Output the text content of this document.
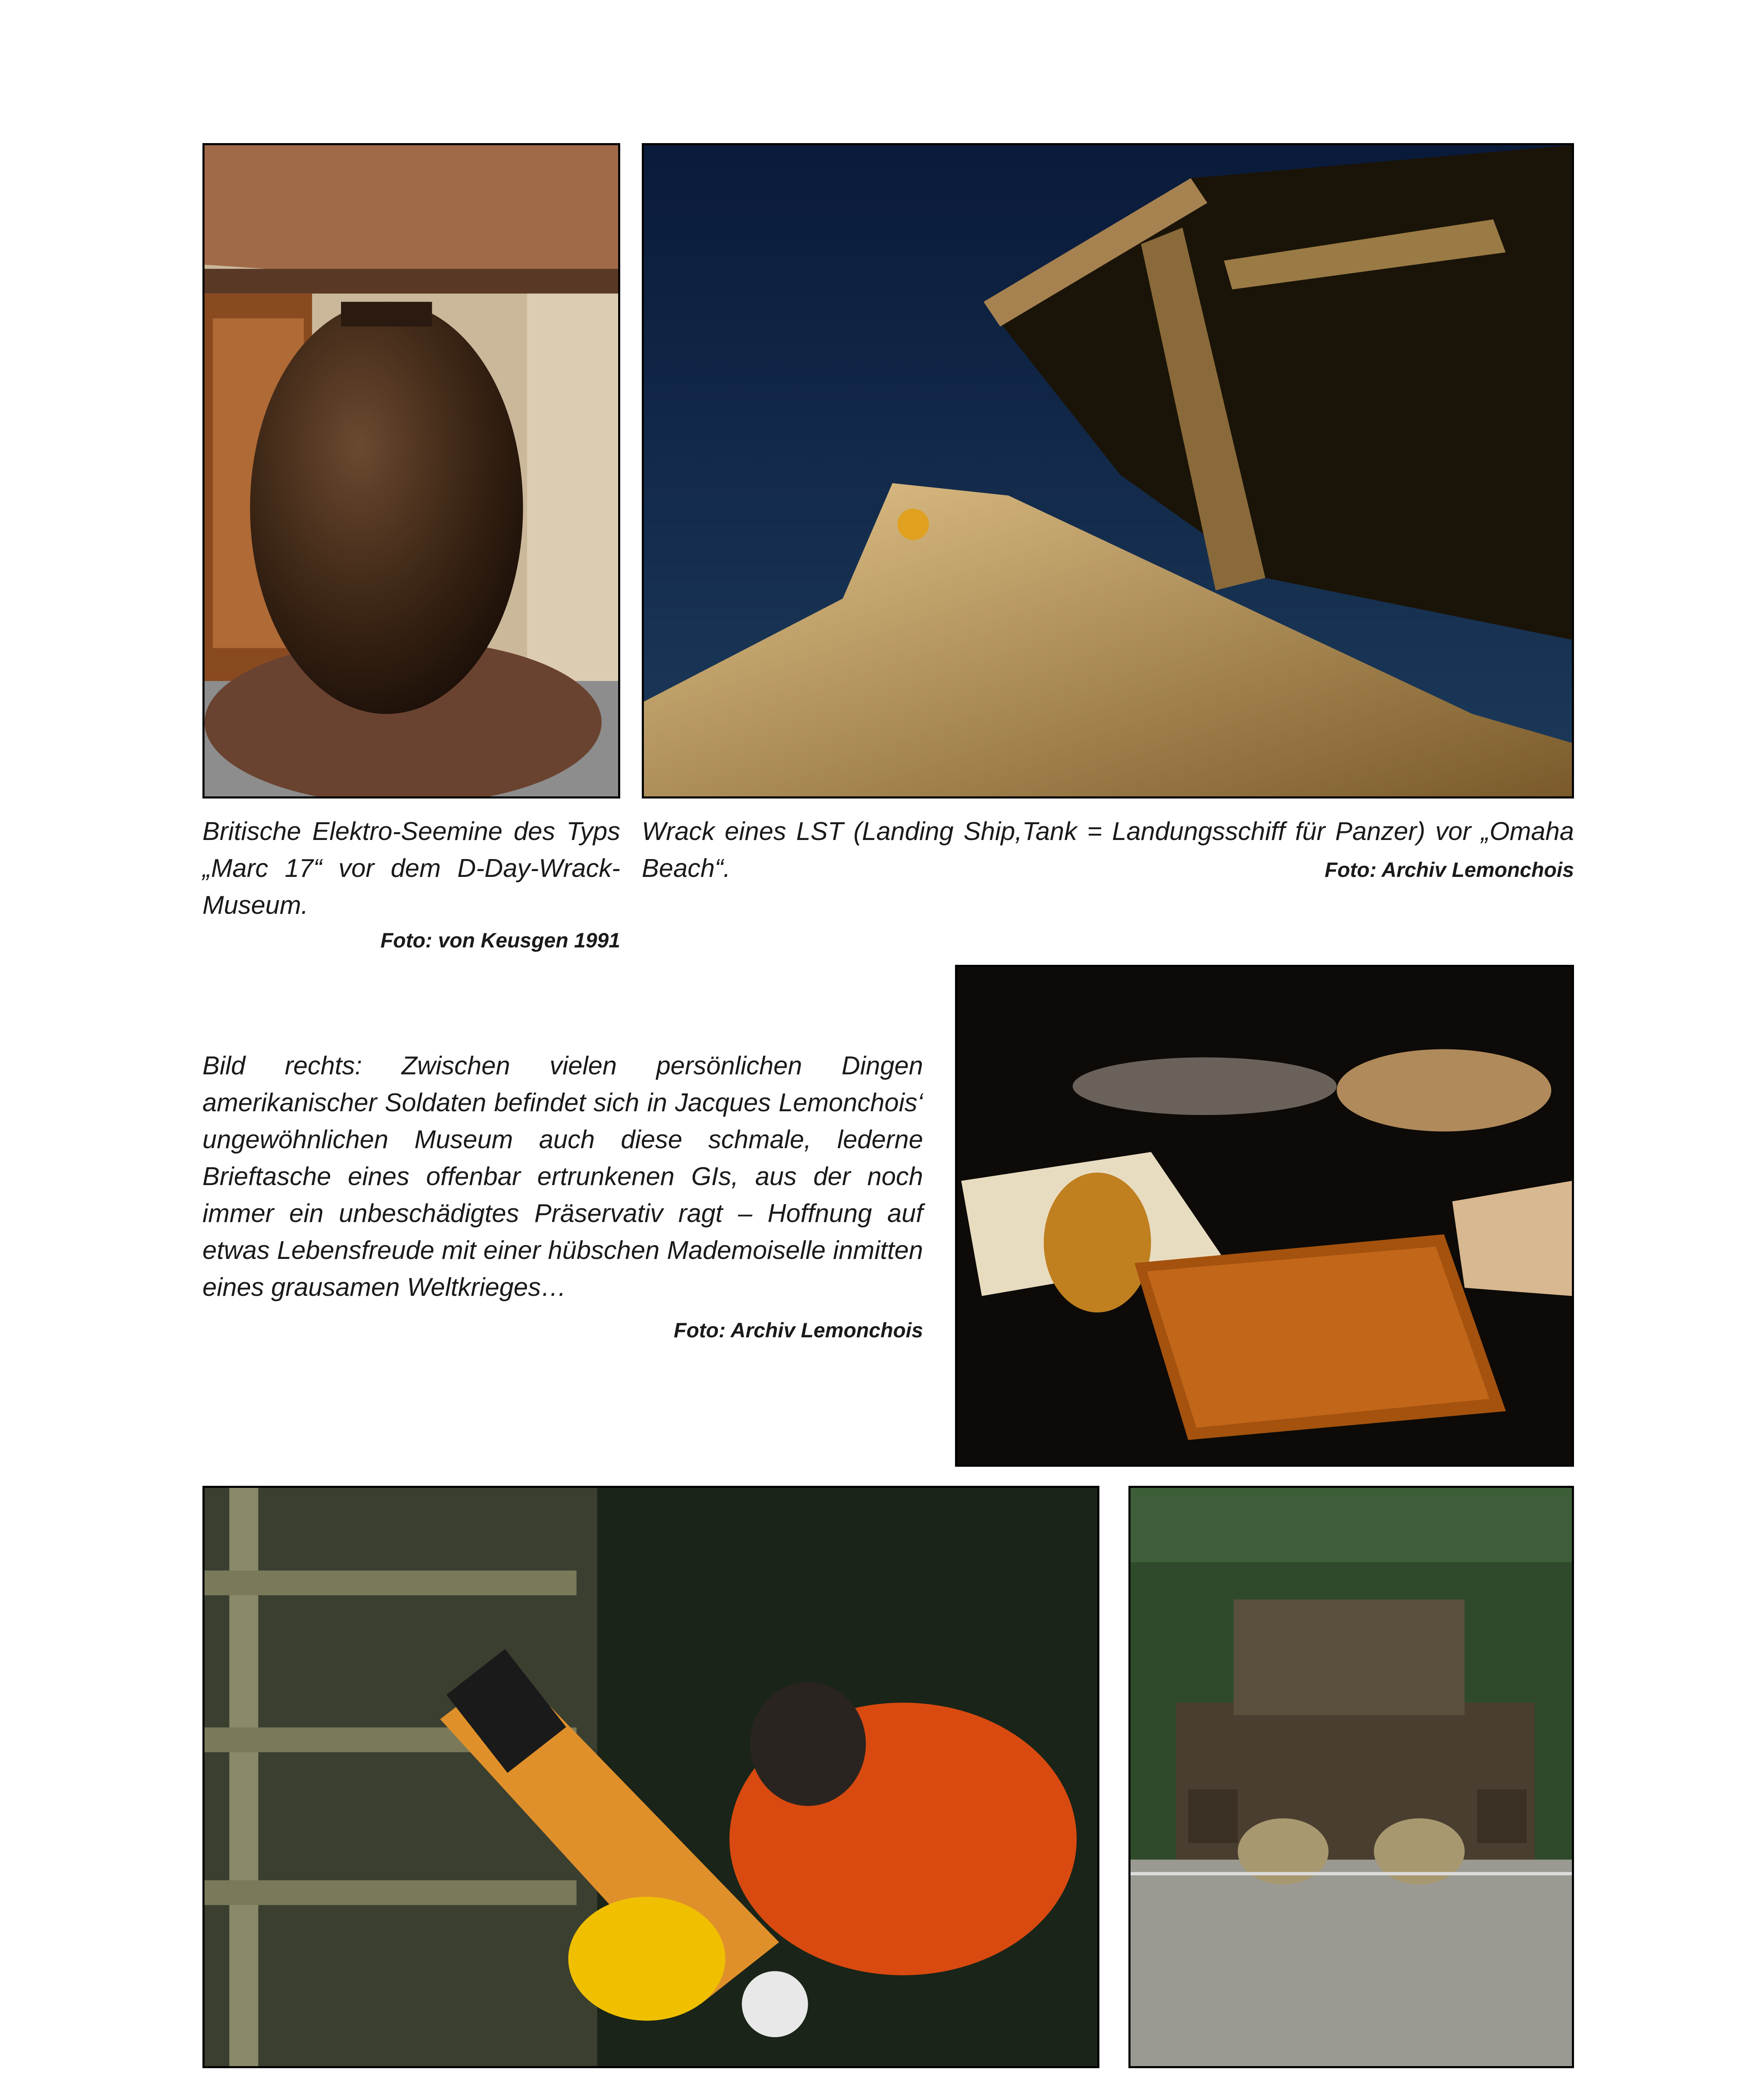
Britische Elektro-Seemine des Typs „Marc 17“ vor dem D-Day-Wrack-Museum.

Foto: von Keusgen 1991

Wrack eines LST (Landing Ship,Tank = Landungsschiff für Panzer) vor „Omaha Beach“.	Foto: Archiv Lemonchois

Bild rechts: Zwischen vielen persönlichen Dingen amerikanischer Soldaten befindet sich in Jacques Lemonchois‘ ungewöhnlichen Museum auch diese schmale, lederne Brieftasche eines offenbar ertrunkenen GIs, aus der noch immer ein unbeschädigtes Präservativ ragt – Hoffnung auf etwas Lebensfreude mit einer hübschen Mademoiselle inmitten eines grausamen Weltkrieges…

Foto: Archiv Lemonchois
